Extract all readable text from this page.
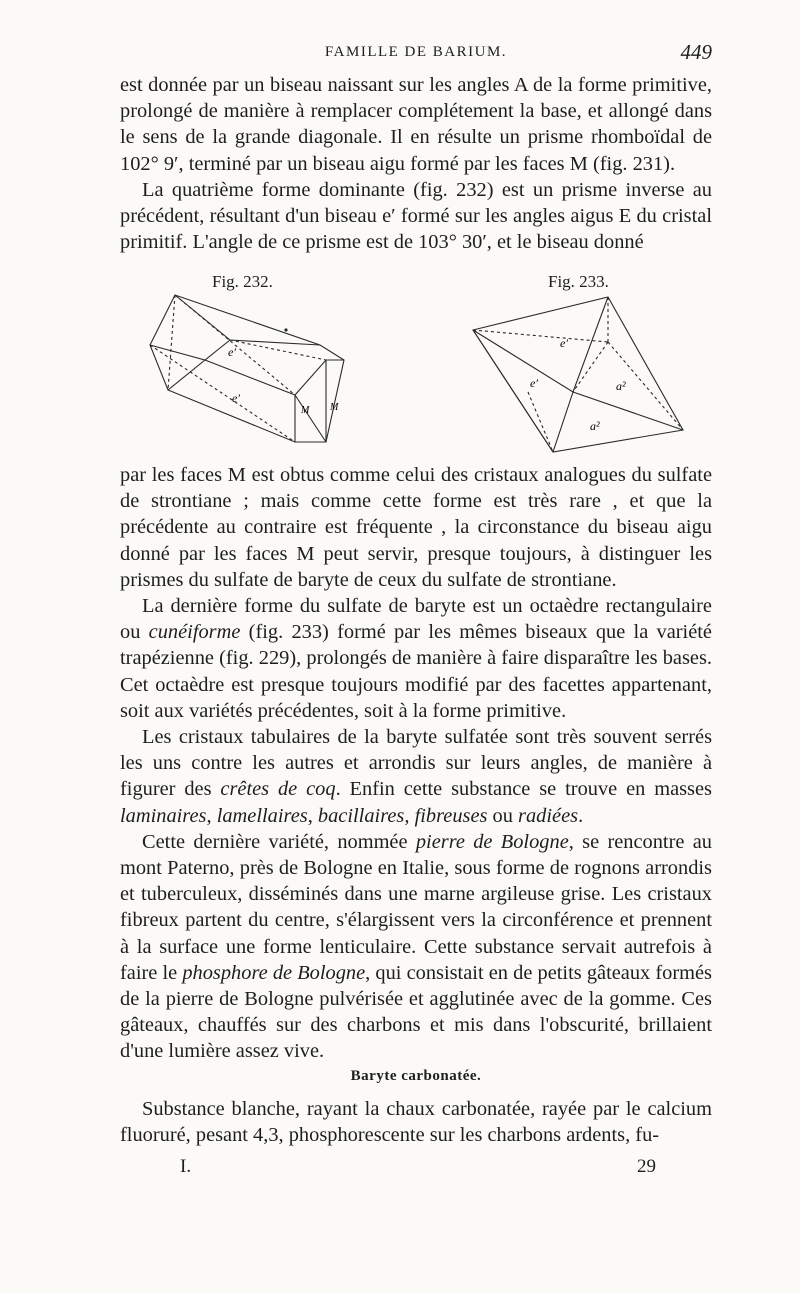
FAMILLE DE BARIUM.	449

est donnée par un biseau naissant sur les angles A de la forme primitive, prolongé de manière à remplacer complétement la base, et allongé dans le sens de la grande diagonale. Il en résulte un prisme rhomboïdal de 102° 9′, terminé par un biseau aigu formé par les faces M (fig. 231).

La quatrième forme dominante (fig. 232) est un prisme inverse au précédent, résultant d'un biseau e′ formé sur les angles aigus E du cristal primitif. L'angle de ce prisme est de 103° 30′, et le biseau donné

Fig. 232.	Fig. 233.
e′
e′
M M
e′
e′	a²
a²

par les faces M est obtus comme celui des cristaux analogues du sulfate de strontiane ; mais comme cette forme est très rare , et que la précédente au contraire est fréquente , la circonstance du biseau aigu donné par les faces M peut servir, presque toujours, à distinguer les prismes du sulfate de baryte de ceux du sulfate de strontiane.

La dernière forme du sulfate de baryte est un octaèdre rectangulaire ou cunéiforme (fig. 233) formé par les mêmes biseaux que la variété trapézienne (fig. 229), prolongés de manière à faire disparaître les bases. Cet octaèdre est presque toujours modifié par des facettes appartenant, soit aux variétés précédentes, soit à la forme primitive.

Les cristaux tabulaires de la baryte sulfatée sont très souvent serrés les uns contre les autres et arrondis sur leurs angles, de manière à figurer des crêtes de coq. Enfin cette substance se trouve en masses laminaires, lamellaires, bacillaires, fibreuses ou radiées.

Cette dernière variété, nommée pierre de Bologne, se rencontre au mont Paterno, près de Bologne en Italie, sous forme de rognons arrondis et tuberculeux, disséminés dans une marne argileuse grise. Les cristaux fibreux partent du centre, s'élargissent vers la circonférence et prennent à la surface une forme lenticulaire. Cette substance servait autrefois à faire le phosphore de Bologne, qui consistait en de petits gâteaux formés de la pierre de Bologne pulvérisée et agglutinée avec de la gomme. Ces gâteaux, chauffés sur des charbons et mis dans l'obscurité, brillaient d'une lumière assez vive.

Baryte carbonatée.

Substance blanche, rayant la chaux carbonatée, rayée par le calcium fluoruré, pesant 4,3, phosphorescente sur les charbons ardents, fu-

I.	29
